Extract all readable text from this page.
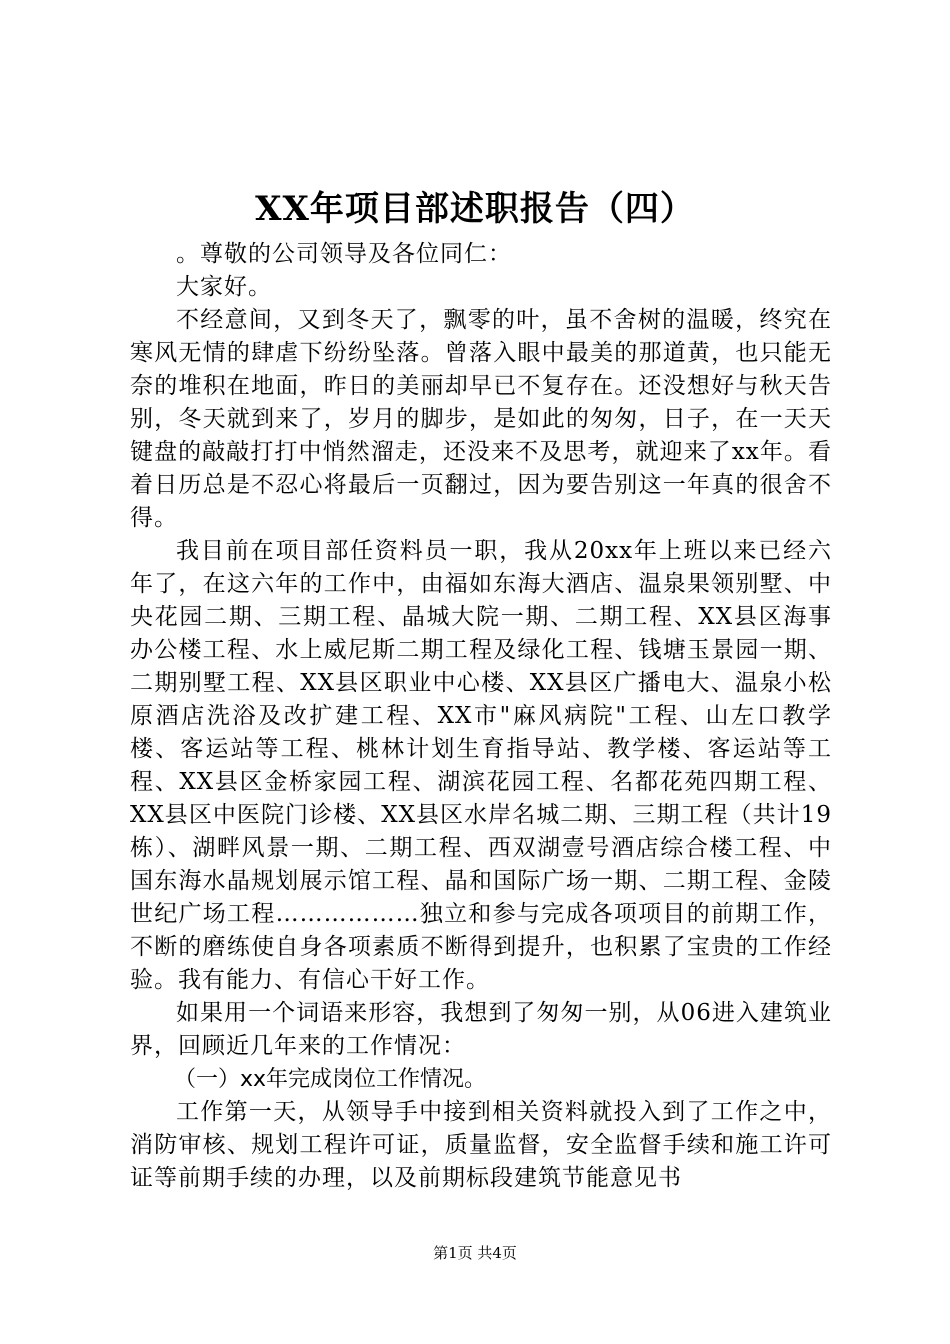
XX年项目部述职报告（四）

。尊敬的公司领导及各位同仁：

大家好。

不经意间，又到冬天了，飘零的叶，虽不舍树的温暖，终究在寒风无情的肆虐下纷纷坠落。曾落入眼中最美的那道黄，也只能无奈的堆积在地面，昨日的美丽却早已不复存在。还没想好与秋天告别，冬天就到来了，岁月的脚步，是如此的匆匆，日子，在一天天键盘的敲敲打打中悄然溜走，还没来不及思考，就迎来了xx年。看着日历总是不忍心将最后一页翻过，因为要告别这一年真的很舍不得。

我目前在项目部任资料员一职，我从20xx年上班以来已经六年了，在这六年的工作中，由福如东海大酒店、温泉果领别墅、中央花园二期、三期工程、晶城大院一期、二期工程、XX县区海事办公楼工程、水上威尼斯二期工程及绿化工程、钱塘玉景园一期、二期别墅工程、XX县区职业中心楼、XX县区广播电大、温泉小松原酒店洗浴及改扩建工程、XX市"麻风病院"工程、山左口教学楼、客运站等工程、桃林计划生育指导站、教学楼、客运站等工程、XX县区金桥家园工程、湖滨花园工程、名都花苑四期工程、XX县区中医院门诊楼、XX县区水岸名城二期、三期工程（共计19栋）、湖畔风景一期、二期工程、西双湖壹号酒店综合楼工程、中国东海水晶规划展示馆工程、晶和国际广场一期、二期工程、金陵世纪广场工程………………独立和参与完成各项项目的前期工作，不断的磨练使自身各项素质不断得到提升，也积累了宝贵的工作经验。我有能力、有信心干好工作。

如果用一个词语来形容，我想到了匆匆一别，从06进入建筑业界，回顾近几年来的工作情况：

（一）xx年完成岗位工作情况。

工作第一天，从领导手中接到相关资料就投入到了工作之中，消防审核、规划工程许可证，质量监督，安全监督手续和施工许可证等前期手续的办理，以及前期标段建筑节能意见书

第1页 共4页
